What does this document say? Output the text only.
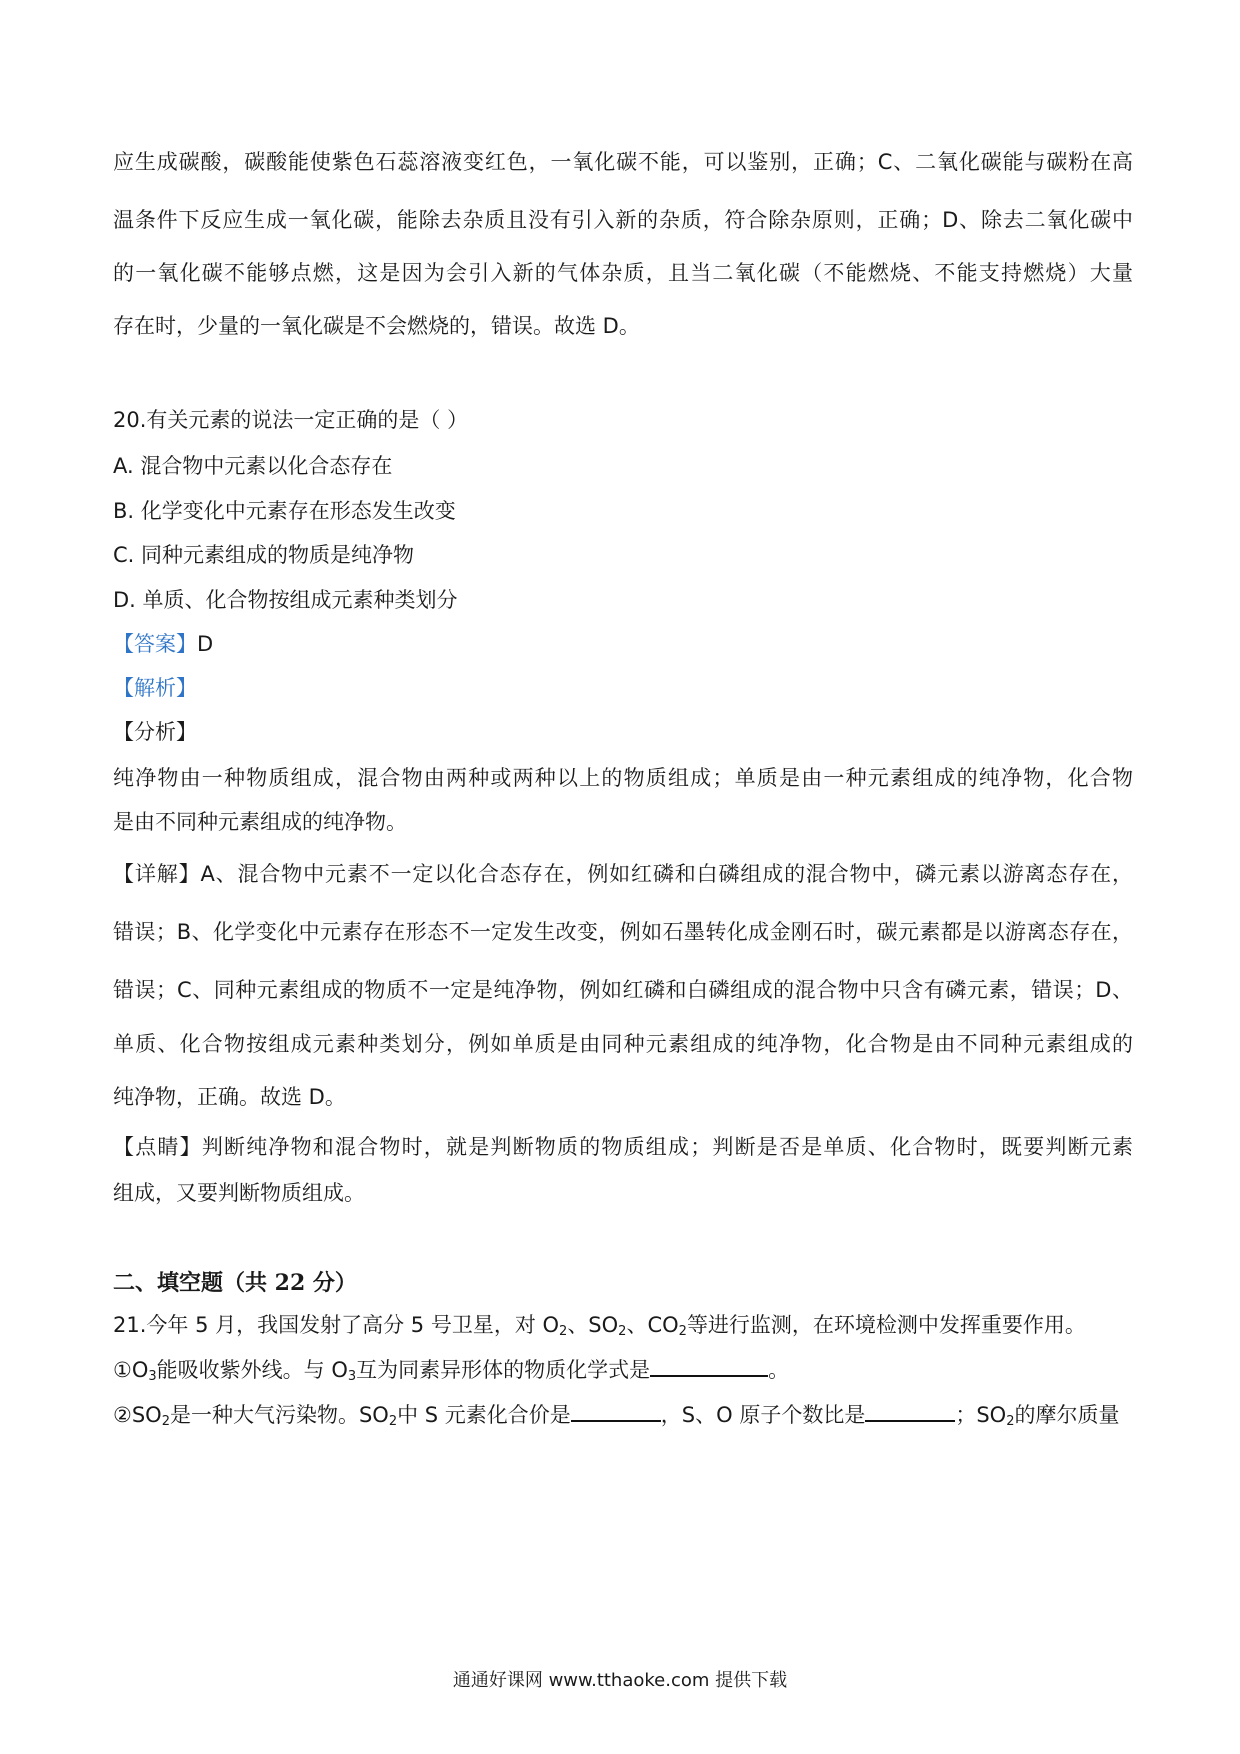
应生成碳酸，碳酸能使紫色石蕊溶液变红色，一氧化碳不能，可以鉴别，正确；C、二氧化碳能与碳粉在高
温条件下反应生成一氧化碳，能除去杂质且没有引入新的杂质，符合除杂原则，正确；D、除去二氧化碳中
的一氧化碳不能够点燃，这是因为会引入新的气体杂质，且当二氧化碳（不能燃烧、不能支持燃烧）大量
存在时，少量的一氧化碳是不会燃烧的，错误。故选 D。
20.有关元素的说法一定正确的是（ ）
A. 混合物中元素以化合态存在
B. 化学变化中元素存在形态发生改变
C. 同种元素组成的物质是纯净物
D. 单质、化合物按组成元素种类划分
【答案】D
【解析】
【分析】
纯净物由一种物质组成，混合物由两种或两种以上的物质组成；单质是由一种元素组成的纯净物，化合物
是由不同种元素组成的纯净物。
【详解】A、混合物中元素不一定以化合态存在，例如红磷和白磷组成的混合物中，磷元素以游离态存在，
错误；B、化学变化中元素存在形态不一定发生改变，例如石墨转化成金刚石时，碳元素都是以游离态存在，
错误；C、同种元素组成的物质不一定是纯净物，例如红磷和白磷组成的混合物中只含有磷元素，错误；D、
单质、化合物按组成元素种类划分，例如单质是由同种元素组成的纯净物，化合物是由不同种元素组成的
纯净物，正确。故选 D。
【点睛】判断纯净物和混合物时，就是判断物质的物质组成；判断是否是单质、化合物时，既要判断元素
组成，又要判断物质组成。
二、填空题（共 22 分）
21.今年 5 月，我国发射了高分 5 号卫星，对 $O_2$、$SO_2$、$CO_2$等进行监测，在环境检测中发挥重要作用。
$①O_3$能吸收紫外线。与 $O_3$互为同素异形体的物质化学式是	。
$②SO_2$是一种大气污染物。$SO_2$中 S 元素化合价是	，S、O 原子个数比是	；$SO_2$的摩尔质量
通通好课网 www.tthaoke.com 提供下载
